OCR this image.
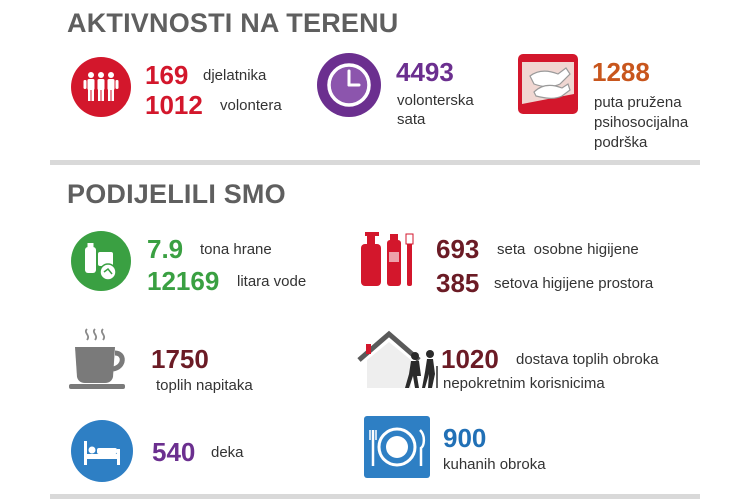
AKTIVNOSTI NA TERENU
169 djelatnika
1012 volontera
4493
volonterska
sata
1288
puta pružena
psihosocijalna
podrška
PODIJELILI SMO
7.9 tona hrane
12169 litara vode
693 seta  osobne higijene
385 setova higijene prostora
1750
toplih napitaka
1020 dostava toplih obroka
nepokretnim korisnicima
540 deka	900
kuhanih obroka
